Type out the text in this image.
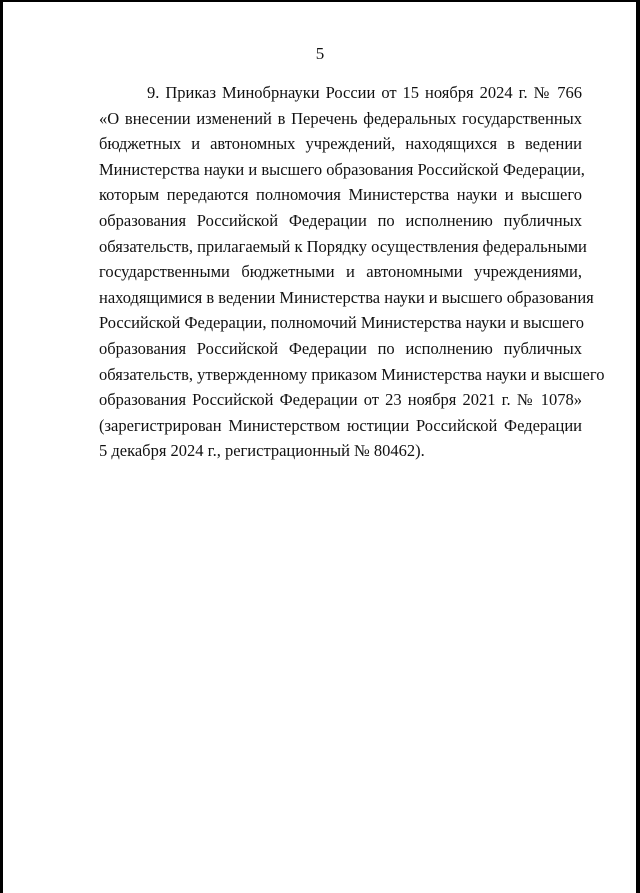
5
9. Приказ Минобрнауки России от 15 ноября 2024 г. № 766
«О внесении изменений в Перечень федеральных государственных
бюджетных и автономных учреждений, находящихся в ведении
Министерства науки и высшего образования Российской Федерации,
которым передаются полномочия Министерства науки и высшего
образования Российской Федерации по исполнению публичных
обязательств, прилагаемый к Порядку осуществления федеральными
государственными бюджетными и автономными учреждениями,
находящимися в ведении Министерства науки и высшего образования
Российской Федерации, полномочий Министерства науки и высшего
образования Российской Федерации по исполнению публичных
обязательств, утвержденному приказом Министерства науки и высшего
образования Российской Федерации от 23 ноября 2021 г. № 1078»
(зарегистрирован Министерством юстиции Российской Федерации
5 декабря 2024 г., регистрационный № 80462).
